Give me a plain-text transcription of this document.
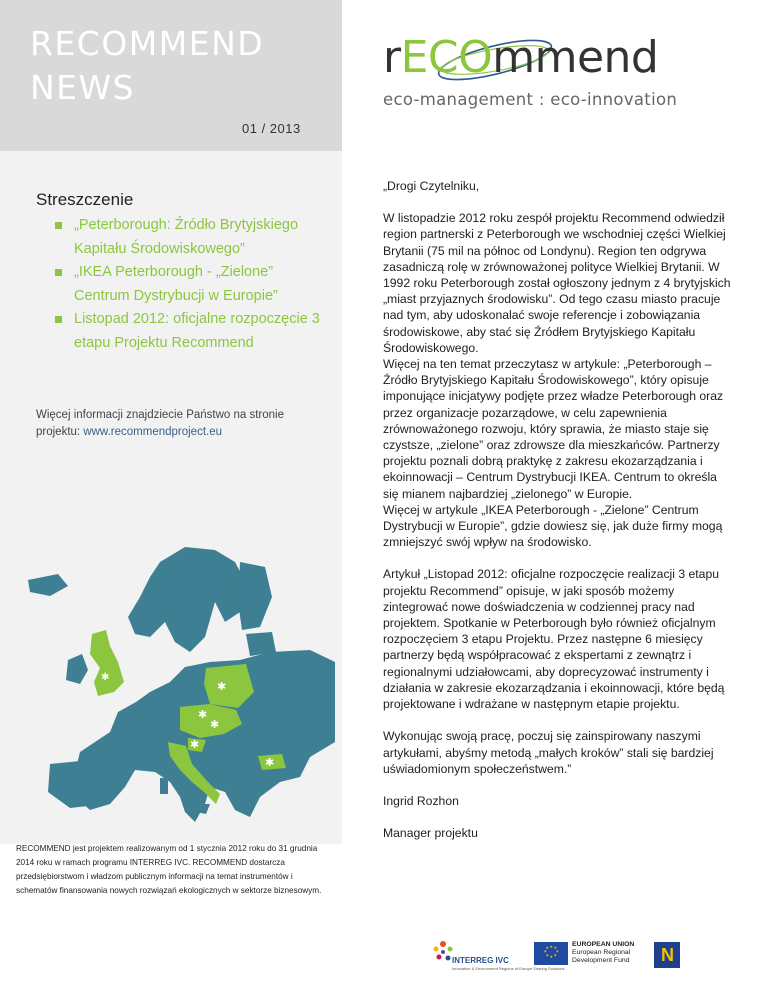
RECOMMEND
NEWS
01 / 2013
rECOmmend
eco-management : eco-innovation
Streszczenie
„Peterborough: Źródło Brytyjskiego Kapitału Środowiskowego”
„IKEA Peterborough - „Zielone” Centrum Dystrybucji w Europie”
Listopad 2012: oficjalne rozpoczęcie 3 etapu Projektu Recommend
Więcej informacji znajdziecie Państwo na stronie projektu: www.recommendproject.eu
✱
✱
✱
✱
✱
✱
RECOMMEND jest projektem realizowanym od 1 stycznia 2012 roku do 31 grudnia 2014 roku w ramach programu INTERREG IVC. RECOMMEND dostarcza przedsiębiorstwom i władzom publicznym informacji na temat instrumentów i schematów finansowania nowych rozwiązań ekologicznych w sektorze biznesowym.

„Drogi Czytelniku,

W listopadzie 2012 roku zespół projektu Recommend odwiedził region partnerski z Peterborough we wschodniej części Wielkiej Brytanii (75 mil na północ od Londynu). Region ten odgrywa zasadniczą rolę w zrównoważonej polityce Wielkiej Brytanii. W 1992 roku Peterborough został ogłoszony jednym z 4 brytyjskich „miast przyjaznych środowisku”. Od tego czasu miasto pracuje nad tym, aby udoskonalać swoje referencje i zobowiązania środowiskowe, aby stać się Źródłem Brytyjskiego Kapitału Środowiskowego.

Więcej na ten temat przeczytasz w artykule: „Peterborough – Źródło Brytyjskiego Kapitału Środowiskowego”, który opisuje imponujące inicjatywy podjęte przez władze Peterborough oraz przez organizacje pozarządowe, w celu zapewnienia zrównoważonego rozwoju, który sprawia, że miasto staje się czystsze, „zielone” oraz zdrowsze dla mieszkańców. Partnerzy projektu poznali dobrą praktykę z zakresu ekozarządzania i ekoinnowacji – Centrum Dystrybucji IKEA. Centrum to określa się mianem najbardziej „zielonego” w Europie.

Więcej w artykule „IKEA Peterborough - „Zielone” Centrum Dystrybucji w Europie”, gdzie dowiesz się, jak duże firmy mogą zmniejszyć swój wpływ na środowisko.

Artykuł „Listopad 2012: oficjalne rozpoczęcie realizacji 3 etapu projektu Recommend” opisuje, w jaki sposób możemy zintegrować nowe doświadczenia w codziennej pracy nad projektem. Spotkanie w Peterborough było również oficjalnym rozpoczęciem 3 etapu Projektu. Przez następne 6 miesięcy partnerzy będą współpracować z ekspertami z zewnątrz i regionalnymi udziałowcami, aby doprecyzować instrumenty i działania w zakresie ekozarządzania i ekoinnowacji, które będą projektowane i wdrażane w następnym etapie projektu.

Wykonując swoją pracę, poczuj się zainspirowany naszymi artykułami, abyśmy metodą „małych kroków” stali się bardziej uświadomionym społeczeństwem.”

Ingrid Rozhon

Manager projektu

INTERREG IVC
Innovation & Environment Regions of Europe Sharing Solutions
★ ★
★
★
★
★
★
★	EUROPEAN UNION
European Regional
Development Fund N
